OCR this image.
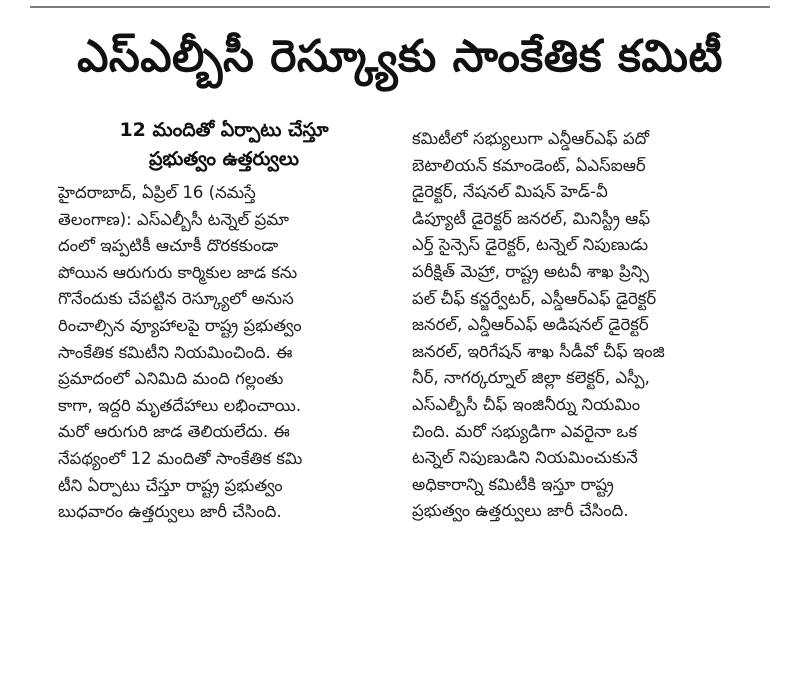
ఎస్ఎల్బీసీ రెస్క్యూకు సాంకేతిక కమిటీ
12 మందితో ఏర్పాటు చేస్తూ
ప్రభుత్వం ఉత్తర్వులు
హైదరాబాద్, ఏప్రిల్ 16 (నమస్తే
తెలంగాణ): ఎస్ఎల్బీసీ టన్నెల్ ప్రమా
దంలో ఇప్పటికీ ఆచూకీ దొరకకుండా
పోయిన ఆరుగురు కార్మికుల జాడ కను
గొనేందుకు చేపట్టిన రెస్క్యూలో అనుస
రించాల్సిన వ్యూహాలపై రాష్ట్ర ప్రభుత్వం
సాంకేతిక కమిటీని నియమించింది. ఈ
ప్రమాదంలో ఎనిమిది మంది గల్లంతు
కాగా, ఇద్దరి మృతదేహాలు లభించాయి.
మరో ఆరుగురి జాడ తెలియలేదు. ఈ
నేపథ్యంలో 12 మందితో సాంకేతిక కమి
టీని ఏర్పాటు చేస్తూ రాష్ట్ర ప్రభుత్వం
బుధవారం ఉత్తర్వులు జారీ చేసింది.
కమిటీలో సభ్యులుగా ఎన్డీఆర్ఎఫ్ పదో
బెటాలియన్ కమాండెంట్, ఏఎస్ఐఆర్
డైరెక్టర్, నేషనల్ మిషన్ హెడ్-వీ
డిప్యూటీ డైరెక్టర్ జనరల్, మినిస్ట్రీ ఆఫ్
ఎర్త్ సైన్సెస్ డైరెక్టర్, టన్నెల్ నిపుణుడు
పరీక్షిత్ మెహ్రా, రాష్ట్ర అటవీ శాఖ ప్రిన్సి
పల్ చీఫ్ కన్జర్వేటర్, ఎస్డీఆర్ఎఫ్ డైరెక్టర్
జనరల్, ఎన్డీఆర్ఎఫ్ అడిషనల్ డైరెక్టర్
జనరల్, ఇరిగేషన్ శాఖ సీడీవో చీఫ్ ఇంజి
నీర్, నాగర్కర్నూల్ జిల్లా కలెక్టర్, ఎస్పీ,
ఎస్ఎల్బీసీ చీఫ్ ఇంజినీర్ను నియమిం
చింది. మరో సభ్యుడిగా ఎవరైనా ఒక
టన్నెల్ నిపుణుడిని నియమించుకునే
అధికారాన్ని కమిటీకి ఇస్తూ రాష్ట్ర
ప్రభుత్వం ఉత్తర్వులు జారీ చేసింది.
